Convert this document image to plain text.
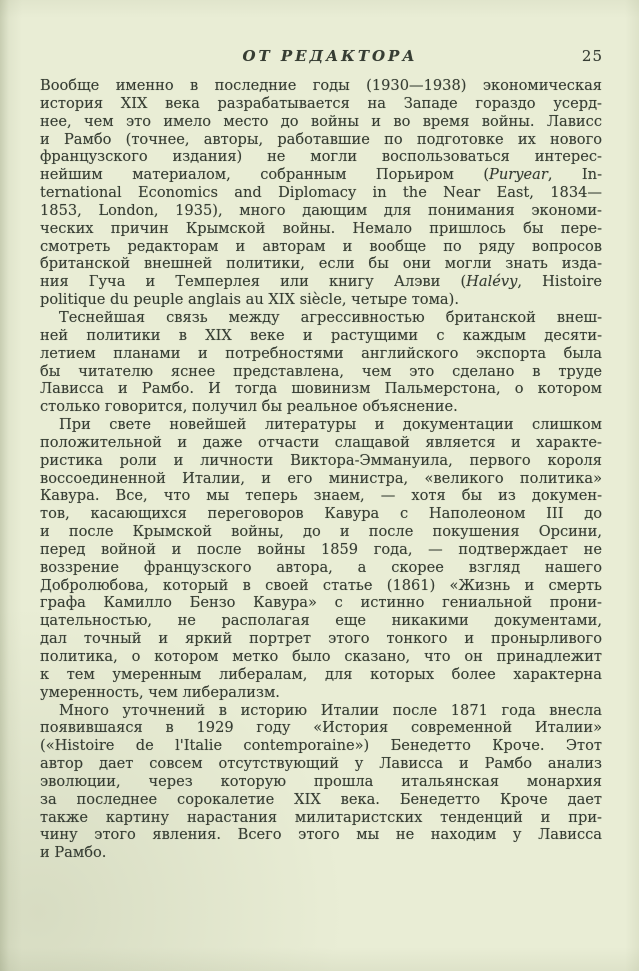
ОТ РЕДАКТОРА	25
Вообще именно в последние годы (1930—1938) экономическая
история XIX века разрабатывается на Западе гораздо усерд-
нее, чем это имело место до войны и во время войны. Лависс
и Рамбо (точнее, авторы, работавшие по подготовке их нового
французского издания) не могли воспользоваться интерес-
нейшим материалом, собранным Порьиром (Puryear, In-
ternational Economics and Diplomacy in the Near East, 1834—
1853, London, 1935), много дающим для понимания экономи-
ческих причин Крымской войны. Немало пришлось бы пере-
смотреть редакторам и авторам и вообще по ряду вопросов
британской внешней политики, если бы они могли знать изда-
ния Гуча и Темперлея или книгу Алэви (Halévy, Histoire
politique du peuple anglais au XIX siècle, четыре тома).
Теснейшая связь между агрессивностью британской внеш-
ней политики в XIX веке и растущими с каждым десяти-
летием планами и потребностями английского экспорта была
бы читателю яснее представлена, чем это сделано в труде
Лависса и Рамбо. И тогда шовинизм Пальмерстона, о котором
столько говорится, получил бы реальное объяснение.
При свете новейшей литературы и документации слишком
положительной и даже отчасти слащавой является и характе-
ристика роли и личности Виктора-Эммануила, первого короля
воссоединенной Италии, и его министра, «великого политика»
Кавура. Все, что мы теперь знаем, — хотя бы из докумен-
тов, касающихся переговоров Кавура с Наполеоном III до
и после Крымской войны, до и после покушения Орсини,
перед войной и после войны 1859 года, — подтверждает не
воззрение французского автора, а скорее взгляд нашего
Добролюбова, который в своей статье (1861) «Жизнь и смерть
графа Камилло Бензо Кавура» с истинно гениальной прони-
цательностью, не располагая еще никакими документами,
дал точный и яркий портрет этого тонкого и пронырливого
политика, о котором метко было сказано, что он принадлежит
к тем умеренным либералам, для которых более характерна
умеренность, чем либерализм.
Много уточнений в историю Италии после 1871 года внесла
появившаяся в 1929 году «История современной Италии»
(«Histoire de l'Italie contemporaine») Бенедетто Кроче. Этот
автор дает совсем отсутствующий у Лависса и Рамбо анализ
эволюции, через которую прошла итальянская монархия
за последнее сорокалетие XIX века. Бенедетто Кроче дает
также картину нарастания милитаристских тенденций и при-
чину этого явления. Всего этого мы не находим у Лависса
и Рамбо.
